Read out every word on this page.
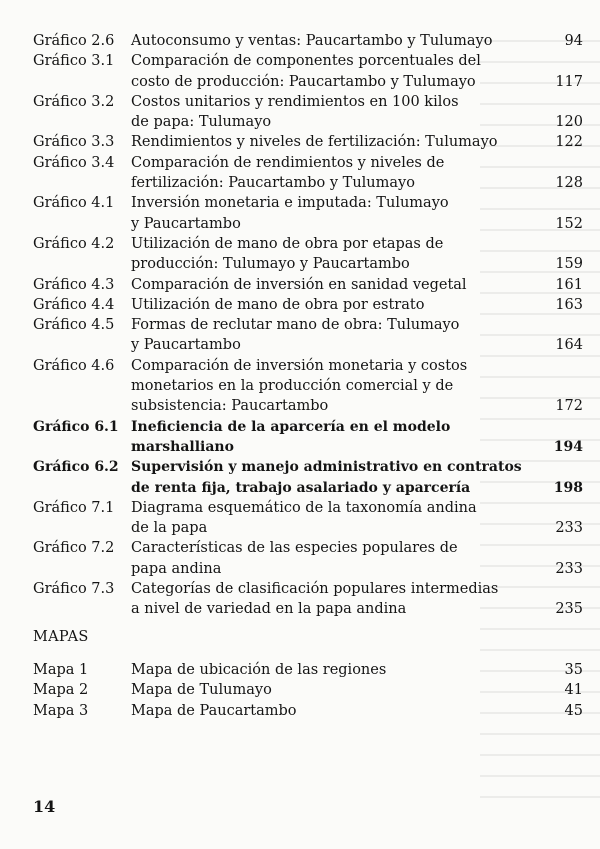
Gráfico 2.6	Autoconsumo y ventas: Paucartambo y Tulumayo	94
Gráfico 3.1	Comparación de componentes porcentuales del
costo de producción: Paucartambo y Tulumayo	117
Gráfico 3.2	Costos unitarios y rendimientos en 100 kilos
de papa: Tulumayo	120
Gráfico 3.3	Rendimientos y niveles de fertilización: Tulumayo	122
Gráfico 3.4	Comparación de rendimientos y niveles de
fertilización: Paucartambo y Tulumayo	128
Gráfico 4.1	Inversión monetaria e imputada: Tulumayo
y Paucartambo	152
Gráfico 4.2	Utilización de mano de obra por etapas de
producción: Tulumayo y Paucartambo	159
Gráfico 4.3	Comparación de inversión en sanidad vegetal	161
Gráfico 4.4	Utilización de mano de obra por estrato	163
Gráfico 4.5	Formas de reclutar mano de obra: Tulumayo
y Paucartambo	164
Gráfico 4.6	Comparación de inversión monetaria y costos
monetarios en la producción comercial y de
subsistencia: Paucartambo	172
Gráfico 6.1 Ineficiencia de la aparcería en el modelo
marshalliano	194
Gráfico 6.2 Supervisión y manejo administrativo en contratos
de renta fija, trabajo asalariado y aparcería	198
Gráfico 7.1	Diagrama esquemático de la taxonomía andina
de la papa	233
Gráfico 7.2	Características de las especies populares de
papa andina	233
Gráfico 7.3	Categorías de clasificación populares intermedias
a nivel de variedad en la papa andina	235
MAPAS
Mapa 1	Mapa de ubicación de las regiones	35
Mapa 2	Mapa de Tulumayo	41
Mapa 3	Mapa de Paucartambo	45
14
